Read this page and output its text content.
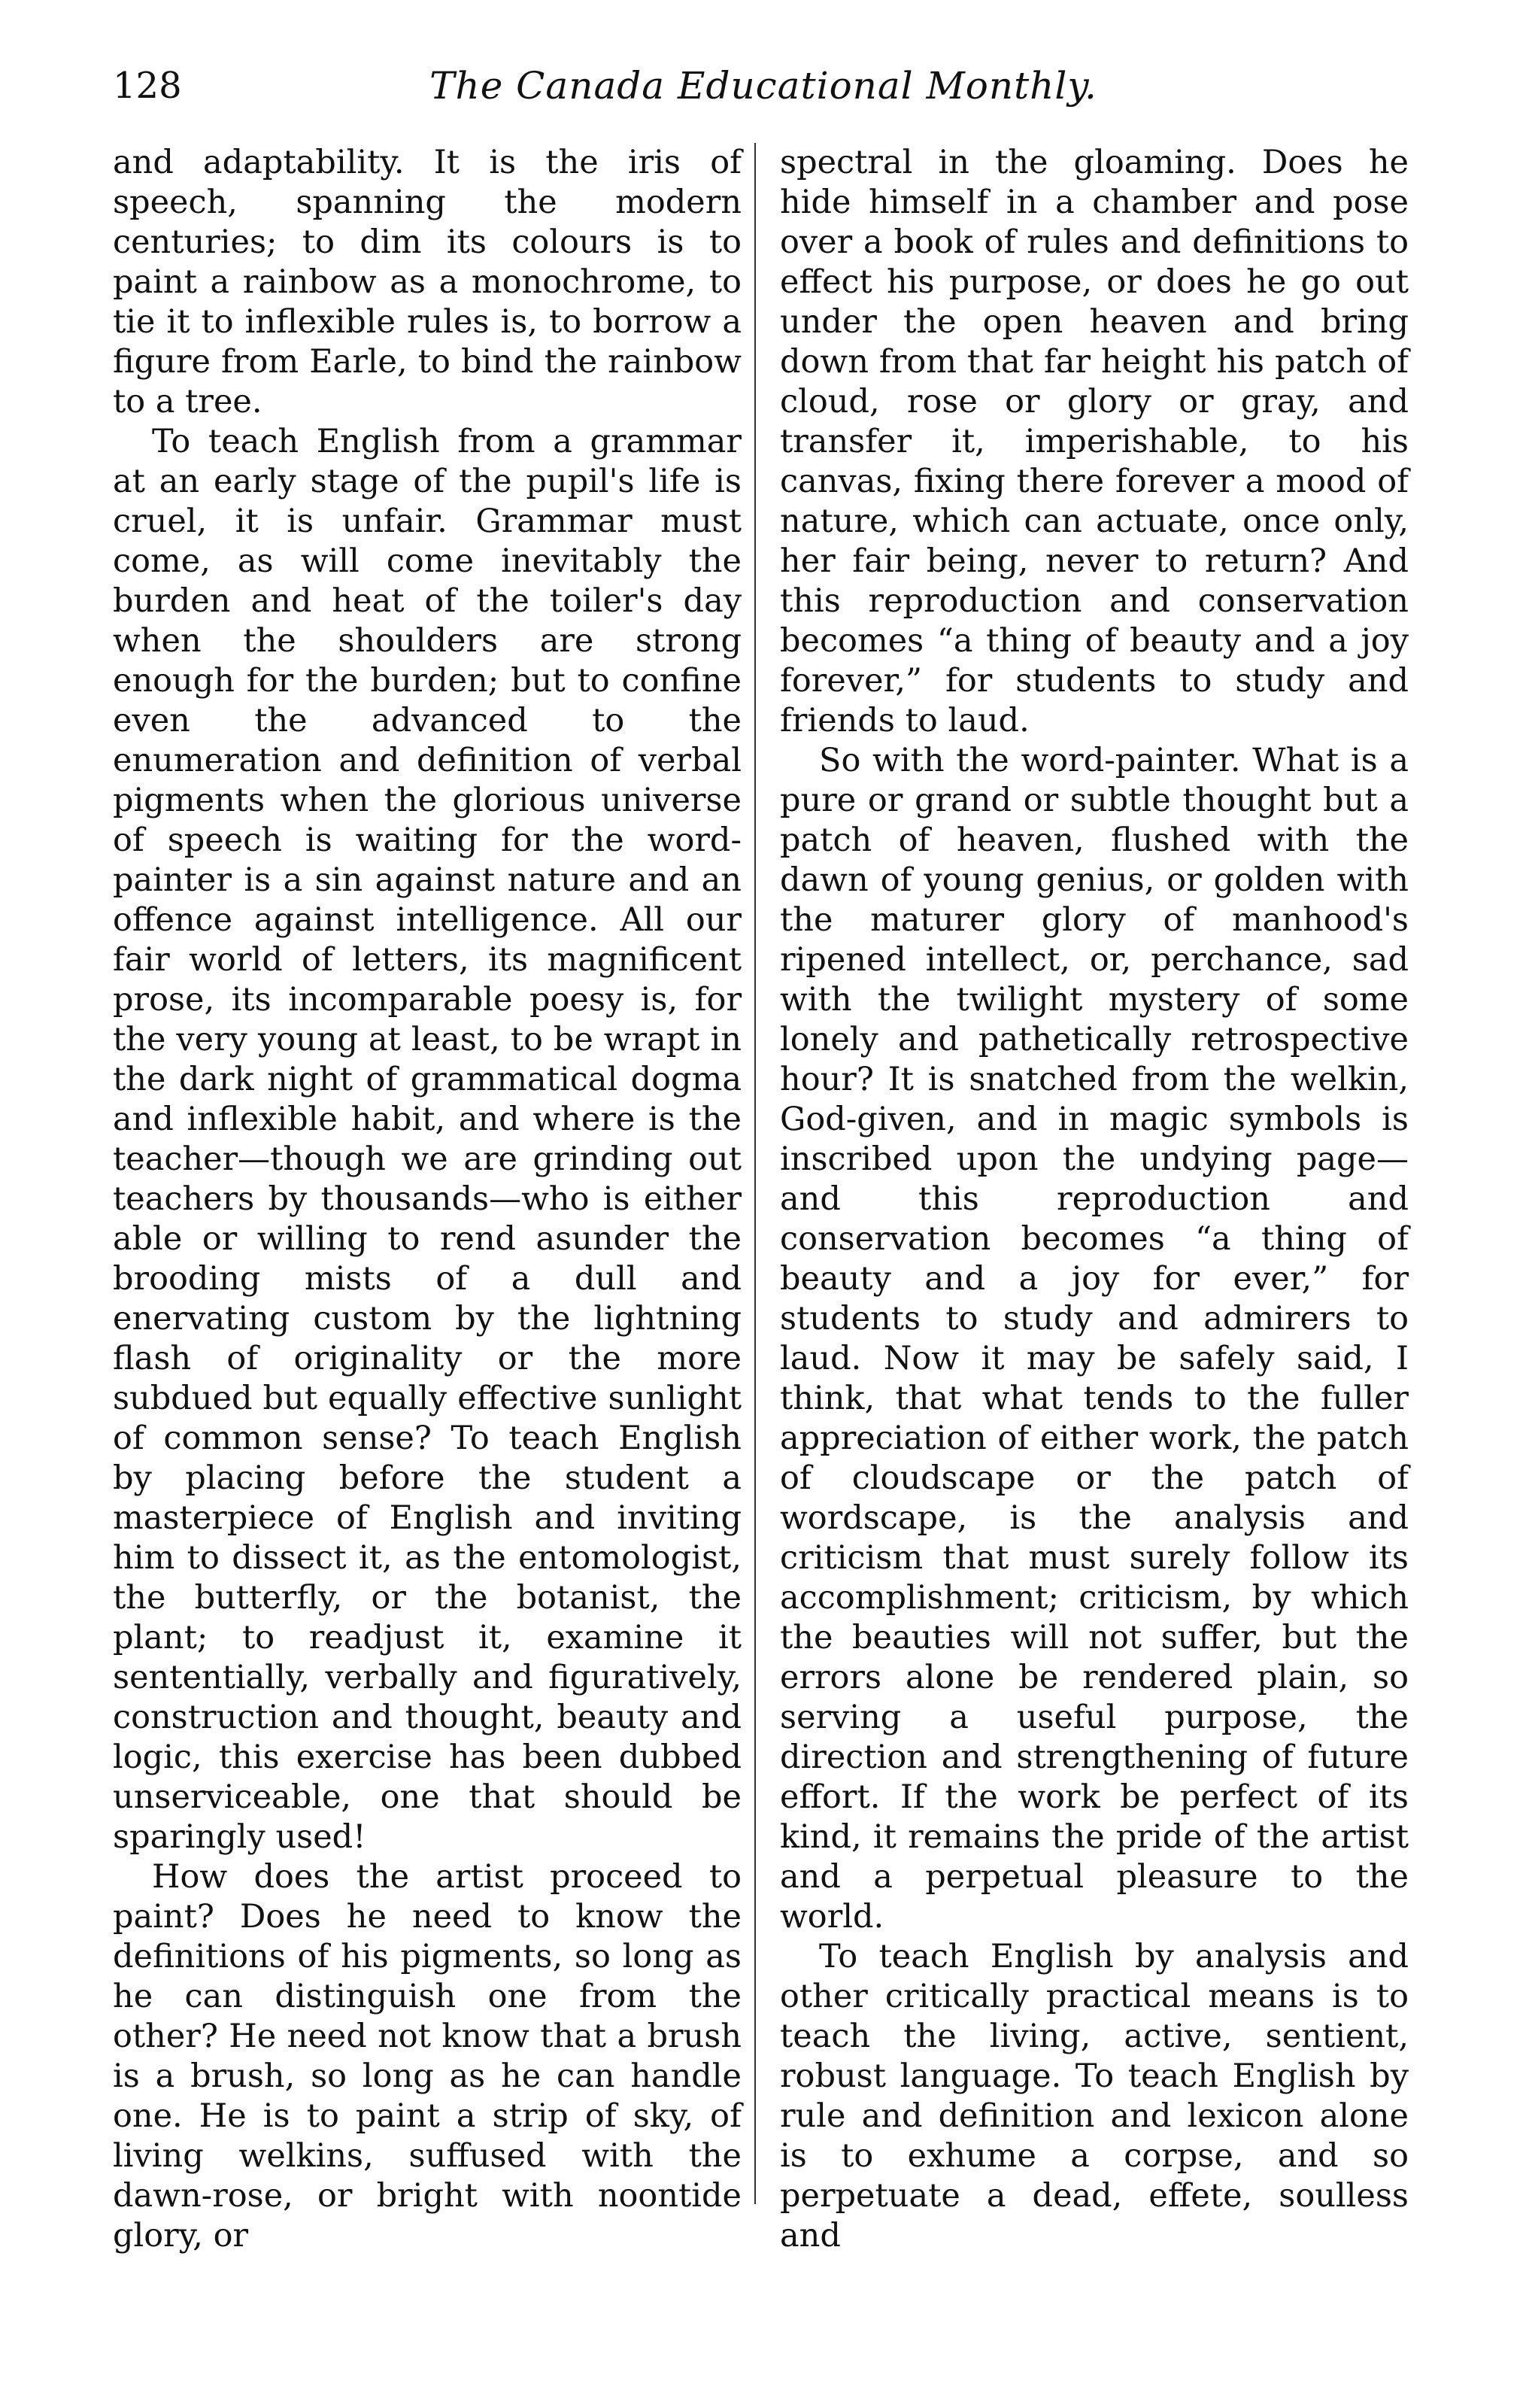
128	The Canada Educational Monthly.

and adaptability. It is the iris of speech, spanning the modern centuries; to dim its colours is to paint a rainbow as a monochrome, to tie it to inflexible rules is, to borrow a figure from Earle, to bind the rainbow to a tree.

To teach English from a grammar at an early stage of the pupil's life is cruel, it is unfair. Grammar must come, as will come inevitably the burden and heat of the toiler's day when the shoulders are strong enough for the burden; but to confine even the advanced to the enumeration and definition of verbal pigments when the glorious universe of speech is waiting for the word-painter is a sin against nature and an offence against intelligence. All our fair world of letters, its magnificent prose, its incomparable poesy is, for the very young at least, to be wrapt in the dark night of grammatical dogma and inflexible habit, and where is the teacher—though we are grinding out teachers by thousands—who is either able or willing to rend asunder the brooding mists of a dull and enervating custom by the lightning flash of originality or the more subdued but equally effective sunlight of common sense? To teach English by placing before the student a masterpiece of English and inviting him to dissect it, as the entomologist, the butterfly, or the botanist, the plant; to readjust it, examine it sententially, verbally and figuratively, construction and thought, beauty and logic, this exercise has been dubbed unserviceable, one that should be sparingly used!

How does the artist proceed to paint? Does he need to know the definitions of his pigments, so long as he can distinguish one from the other? He need not know that a brush is a brush, so long as he can handle one. He is to paint a strip of sky, of living welkins, suffused with the dawn-rose, or bright with noontide glory, or

spectral in the gloaming. Does he hide himself in a chamber and pose over a book of rules and definitions to effect his purpose, or does he go out under the open heaven and bring down from that far height his patch of cloud, rose or glory or gray, and transfer it, imperishable, to his canvas, fixing there forever a mood of nature, which can actuate, once only, her fair being, never to return? And this reproduction and conservation becomes “a thing of beauty and a joy forever,” for students to study and friends to laud.

So with the word-painter. What is a pure or grand or subtle thought but a patch of heaven, flushed with the dawn of young genius, or golden with the maturer glory of manhood's ripened intellect, or, perchance, sad with the twilight mystery of some lonely and pathetically retrospective hour? It is snatched from the welkin, God-given, and in magic symbols is inscribed upon the undying page—and this reproduction and conservation becomes “a thing of beauty and a joy for ever,” for students to study and admirers to laud. Now it may be safely said, I think, that what tends to the fuller appreciation of either work, the patch of cloudscape or the patch of wordscape, is the analysis and criticism that must surely follow its accomplishment; criticism, by which the beauties will not suffer, but the errors alone be rendered plain, so serving a useful purpose, the direction and strengthening of future effort. If the work be perfect of its kind, it remains the pride of the artist and a perpetual pleasure to the world.

To teach English by analysis and other critically practical means is to teach the living, active, sentient, robust language. To teach English by rule and definition and lexicon alone is to exhume a corpse, and so perpetuate a dead, effete, soulless and
